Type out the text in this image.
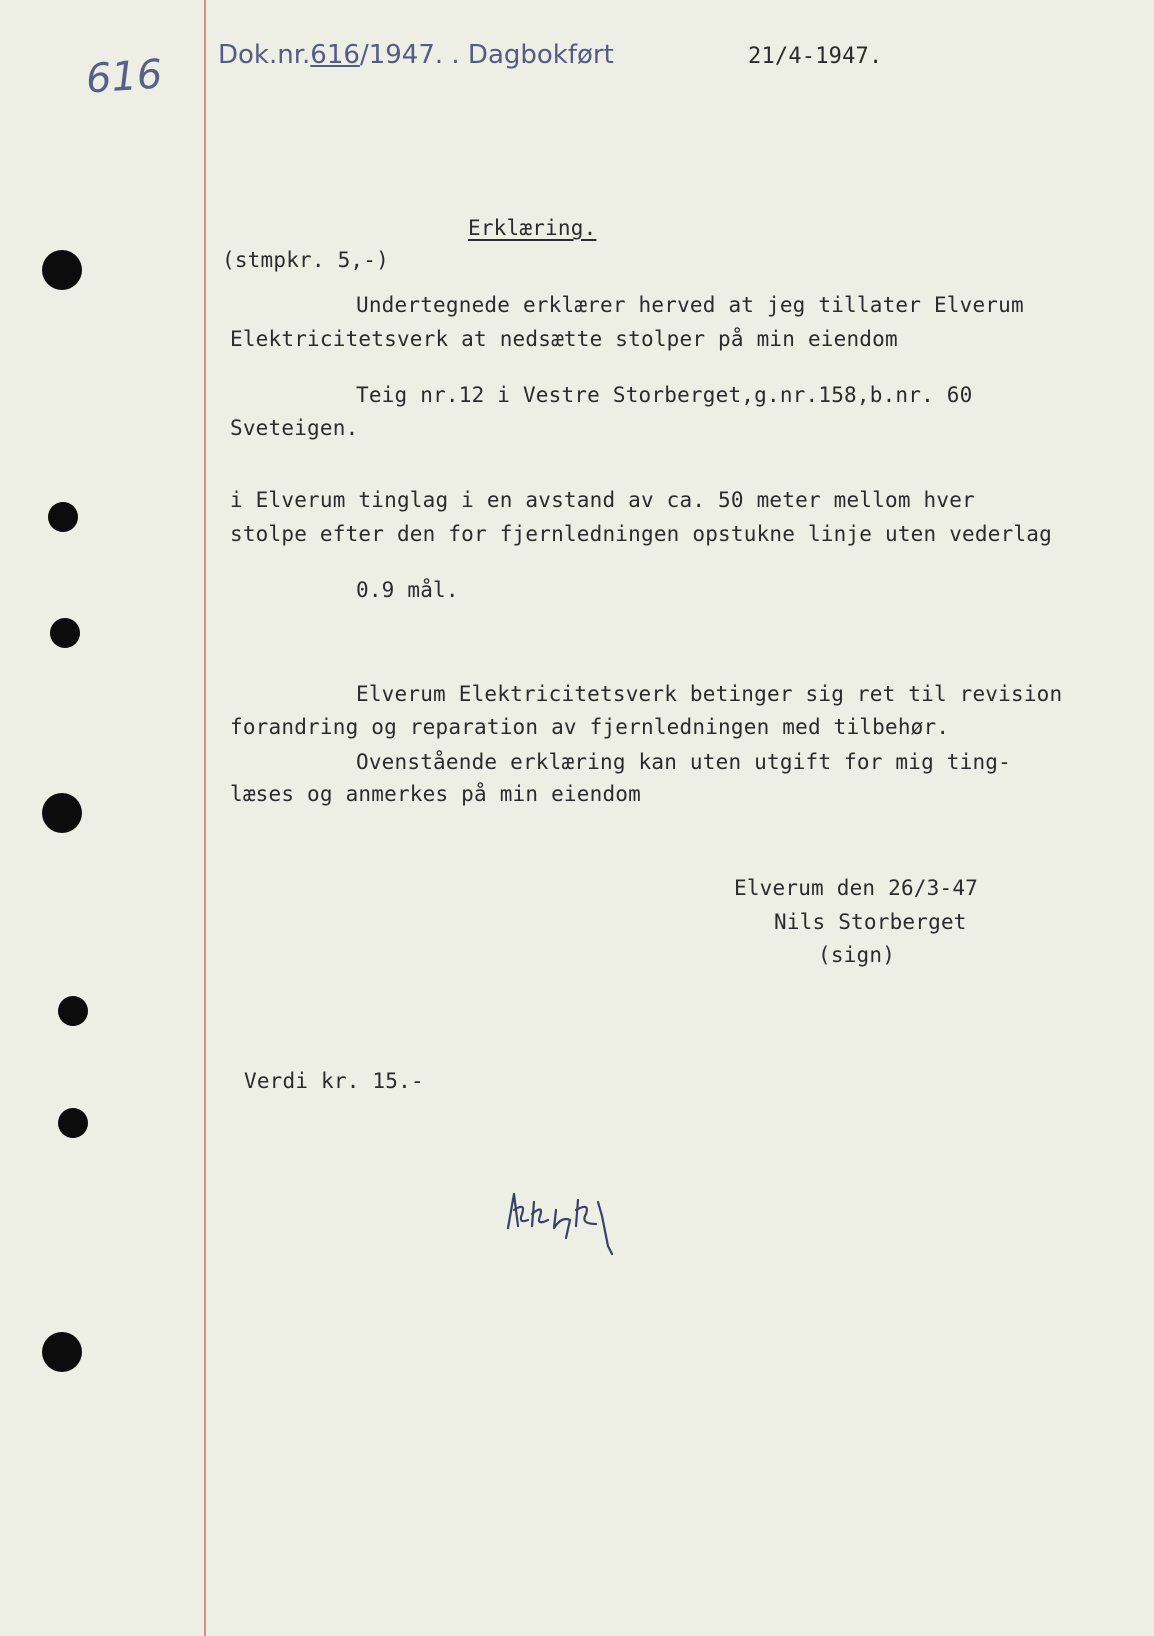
616 Dok.nr.616/1947. . Dagbokført	21/4-1947.
Erklæring.
(stmpkr. 5,-)
Undertegnede erklærer herved at jeg tillater Elverum
Elektricitetsverk at nedsætte stolper på min eiendom
Teig nr.12 i Vestre Storberget,g.nr.158,b.nr. 60
Sveteigen.
i Elverum tinglag i en avstand av ca. 50 meter mellom hver
stolpe efter den for fjernledningen opstukne linje uten vederlag
0.9 mål.
Elverum Elektricitetsverk betinger sig ret til revision
forandring og reparation av fjernledningen med tilbehør.
Ovenstående erklæring kan uten utgift for mig ting-
læses og anmerkes på min eiendom
Elverum den 26/3-47
Nils Storberget
(sign)
Verdi kr. 15.-
